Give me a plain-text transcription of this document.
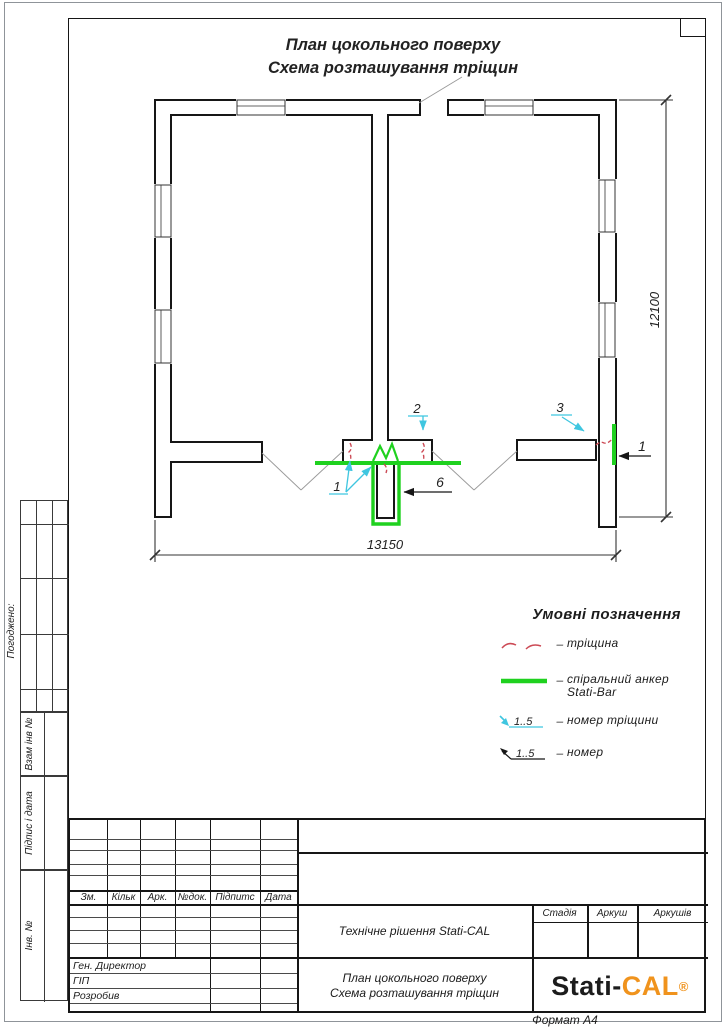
План цокольного поверху
Схема розташування тріщин
2	3
1	6
1
12100
13150
Умовні позначення
– тріщина
– спіральний анкер
Stati-Bar
1..5 – номер тріщини
1..5 – номер
Погоджено:
Взам інв №
Підпис і дата
Інв. №
Зм.	Кільк	Арк.	№док. Підпитс	Дата
Ген. Директор
ГІП
Розробив
Технічне рішення Stati-CAL
Стадія	Аркуш	Аркушів
План цокольного поверху
Схема розташування тріщин Stati- CAL ®
Формат А4
